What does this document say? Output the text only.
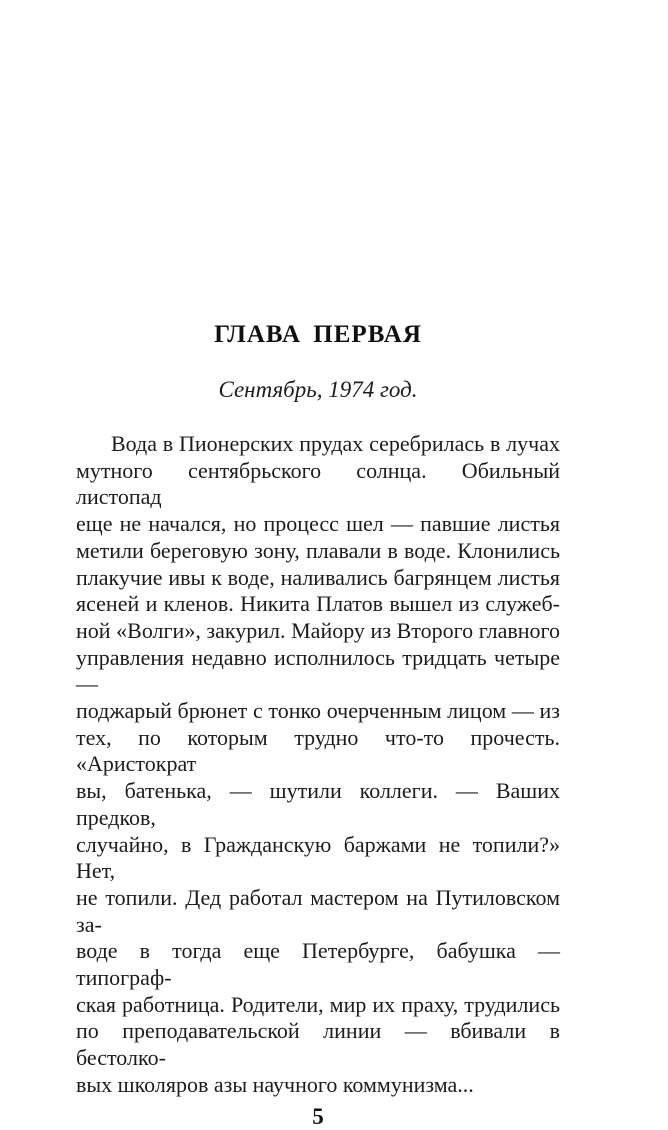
ГЛАВА ПЕРВАЯ
Сентябрь, 1974 год.
Вода в Пионерских прудах серебрилась в лучах
мутного сентябрьского солнца. Обильный листопад
еще не начался, но процесс шел — павшие листья
метили береговую зону, плавали в воде. Клонились
плакучие ивы к воде, наливались багрянцем листья
ясеней и кленов. Никита Платов вышел из служеб-
ной «Волги», закурил. Майору из Второго главного
управления недавно исполнилось тридцать четыре —
поджарый брюнет с тонко очерченным лицом — из
тех, по которым трудно что-то прочесть. «Аристократ
вы, батенька, — шутили коллеги. — Ваших предков,
случайно, в Гражданскую баржами не топили?» Нет,
не топили. Дед работал мастером на Путиловском за-
воде в тогда еще Петербурге, бабушка — типограф-
ская работница. Родители, мир их праху, трудились
по преподавательской линии — вбивали в бестолко-
вых школяров азы научного коммунизма...
5
